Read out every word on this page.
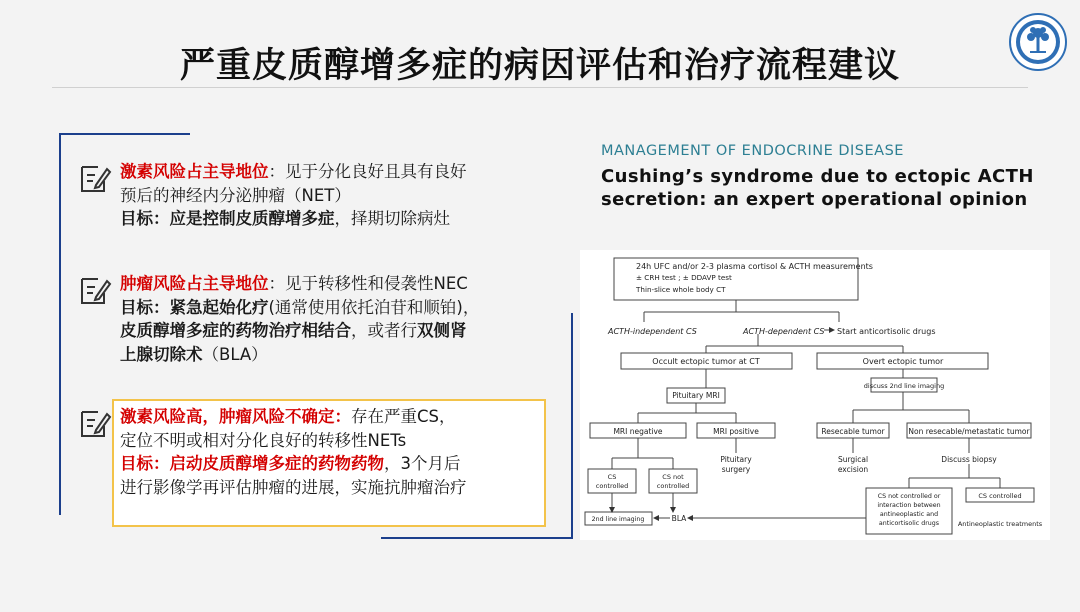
严重皮质醇增多症的病因评估和治疗流程建议
激素风险占主导地位：见于分化良好且具有良好
预后的神经内分泌肿瘤（NET）
目标：应是控制皮质醇增多症，择期切除病灶
肿瘤风险占主导地位：见于转移性和侵袭性NEC
目标：紧急起始化疗(通常使用依托泊苷和顺铂)，
皮质醇增多症的药物治疗相结合，或者行双侧肾
上腺切除术（BLA）
激素风险高，肿瘤风险不确定：存在严重CS，
定位不明或相对分化良好的转移性NETs
目标：启动皮质醇增多症的药物药物，3个月后
进行影像学再评估肿瘤的进展，实施抗肿瘤治疗
MANAGEMENT OF ENDOCRINE DISEASE
Cushing’s syndrome due to ectopic ACTH
secretion: an expert operational opinion
24h UFC and/or 2-3 plasma cortisol & ACTH measurements
± CRH test ; ± DDAVP test
Thin-slice whole body CT
ACTH-independent CS	ACTH-dependent CS Start anticortisolic drugs
Occult ectopic tumor at CT	Overt ectopic tumor
Pituitary MRI
discuss 2nd line imaging
MRI negative	MRI positive
Pituitary
surgery
Resecable tumor	Non resecable/metastatic tumor
Surgical
excision
Discuss biopsy
CS
controlled
CS not
controlled
2nd line imaging	BLA
CS not controlled or
interaction between
antineoplastic and
anticortisolic drugs
CS controlled
Antineoplastic treatments
